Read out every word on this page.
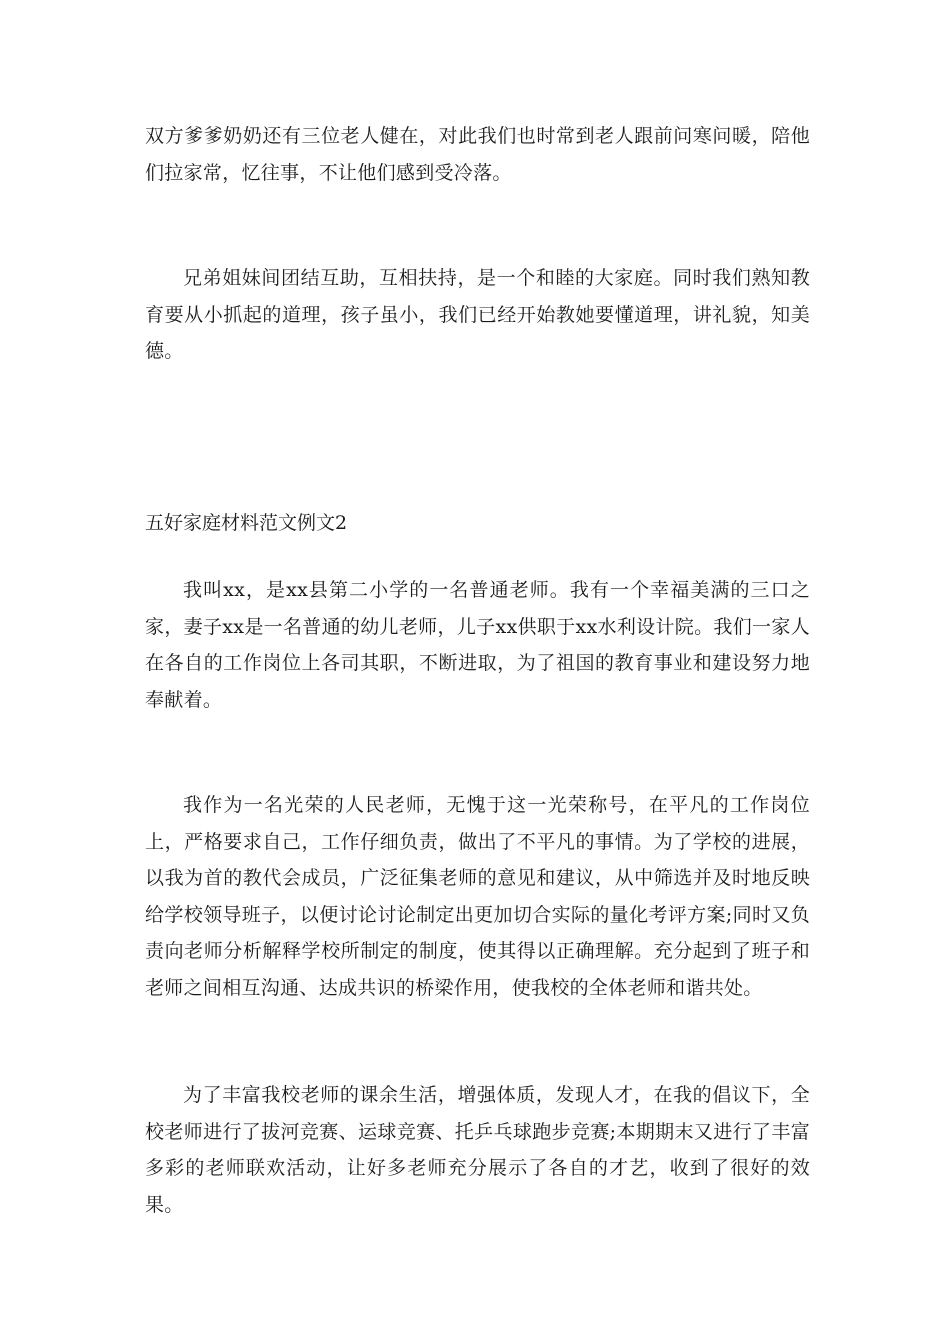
双方爹爹奶奶还有三位老人健在，对此我们也时常到老人跟前问寒问暖，陪他们拉家常，忆往事，不让他们感到受冷落。

兄弟姐妹间团结互助，互相扶持，是一个和睦的大家庭。同时我们熟知教育要从小抓起的道理，孩子虽小，我们已经开始教她要懂道理，讲礼貌，知美德。

五好家庭材料范文例文2

我叫xx，是xx县第二小学的一名普通老师。我有一个幸福美满的三口之家，妻子xx是一名普通的幼儿老师，儿子xx供职于xx水利设计院。我们一家人在各自的工作岗位上各司其职，不断进取，为了祖国的教育事业和建设努力地奉献着。

我作为一名光荣的人民老师，无愧于这一光荣称号，在平凡的工作岗位上，严格要求自己，工作仔细负责，做出了不平凡的事情。为了学校的进展，以我为首的教代会成员，广泛征集老师的意见和建议，从中筛选并及时地反映给学校领导班子，以便讨论讨论制定出更加切合实际的量化考评方案;同时又负责向老师分析解释学校所制定的制度，使其得以正确理解。充分起到了班子和老师之间相互沟通、达成共识的桥梁作用，使我校的全体老师和谐共处。

为了丰富我校老师的课余生活，增强体质，发现人才，在我的倡议下，全校老师进行了拔河竞赛、运球竞赛、托乒乓球跑步竞赛;本期期末又进行了丰富多彩的老师联欢活动，让好多老师充分展示了各自的才艺，收到了很好的效果。
